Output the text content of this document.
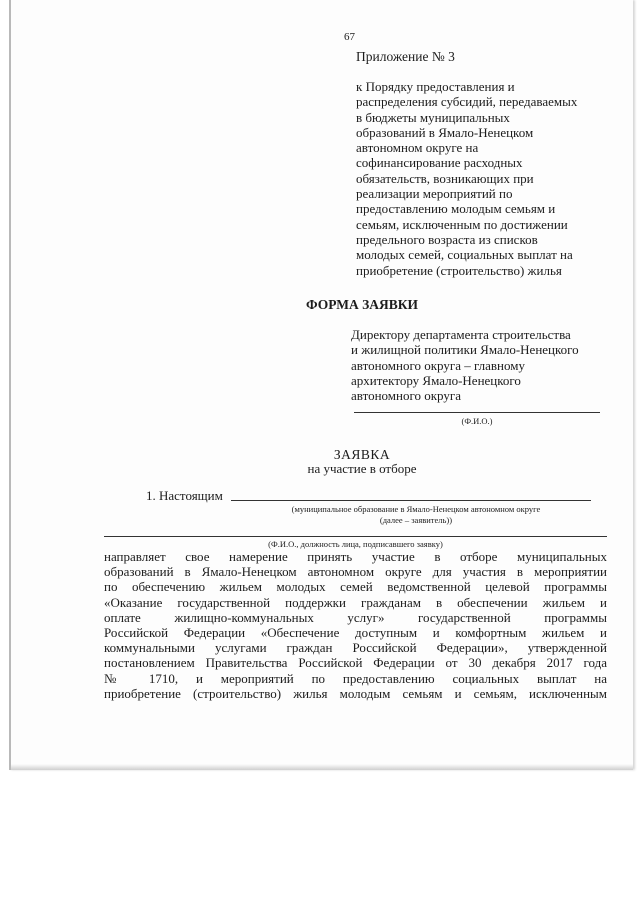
67
Приложение № 3
к Порядку предоставления и
распределения субсидий, передаваемых
в бюджеты муниципальных
образований в Ямало-Ненецком
автономном округе на
софинансирование расходных
обязательств, возникающих при
реализации мероприятий по
предоставлению молодым семьям и
семьям, исключенным по достижении
предельного возраста из списков
молодых семей, социальных выплат на
приобретение (строительство) жилья
ФОРМА ЗАЯВКИ
Директору департамента строительства
и жилищной политики Ямало-Ненецкого
автономного округа – главному
архитектору Ямало-Ненецкого
автономного округа
(Ф.И.О.)
ЗАЯВКА
на участие в отборе
1. Настоящим
(муниципальное образование в Ямало-Ненецком автономном округе
(далее – заявитель))
(Ф.И.О., должность лица, подписавшего заявку)
направляет свое намерение принять участие в отборе муниципальных
образований в Ямало-Ненецком автономном округе для участия в мероприятии
по обеспечению жильем молодых семей ведомственной целевой программы
«Оказание государственной поддержки гражданам в обеспечении жильем и
оплате жилищно-коммунальных услуг» государственной программы
Российской Федерации «Обеспечение доступным и комфортным жильем и
коммунальными услугами граждан Российской Федерации», утвержденной
постановлением Правительства Российской Федерации от 30 декабря 2017 года
№ 1710, и мероприятий по предоставлению социальных выплат на
приобретение (строительство) жилья молодым семьям и семьям, исключенным
